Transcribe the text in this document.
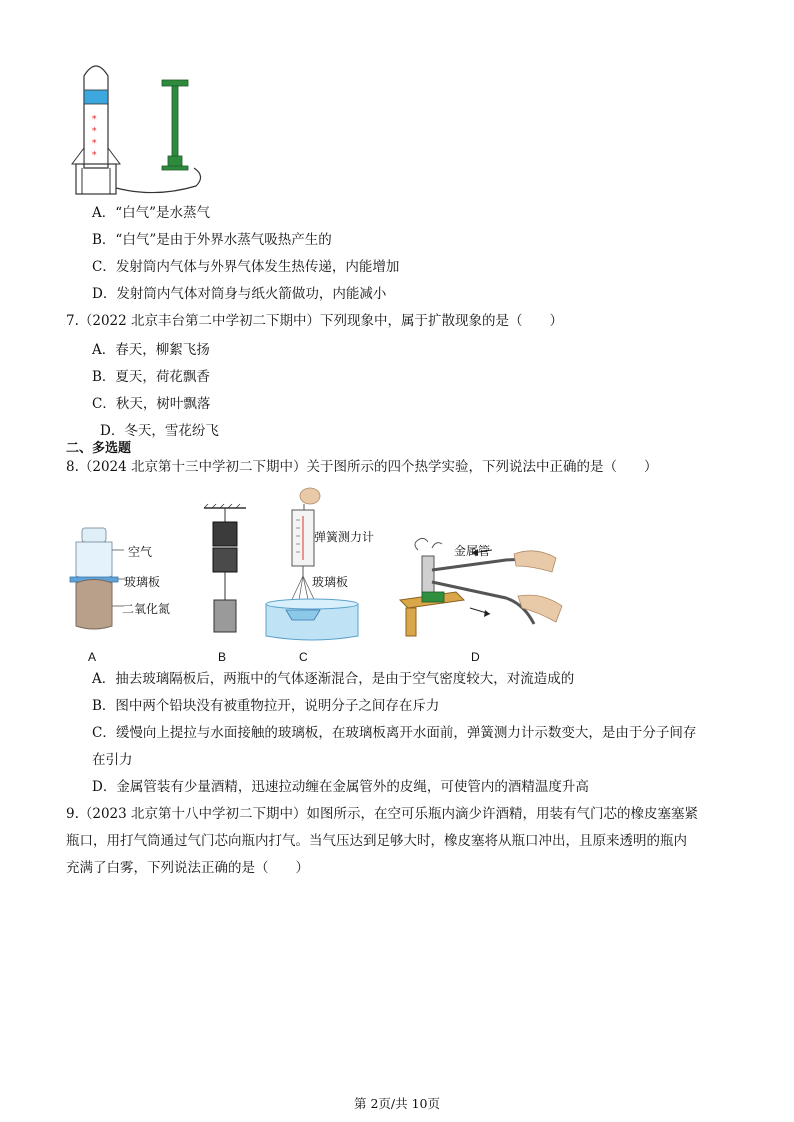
*
*
*
*
A．“白气”是水蒸气
B．“白气”是由于外界水蒸气吸热产生的
C．发射筒内气体与外界气体发生热传递，内能增加
D．发射筒内气体对筒身与纸火箭做功，内能减小
7.（2022 北京丰台第二中学初二下期中）下列现象中，属于扩散现象的是（　　）
A．春天，柳絮飞扬
B．夏天，荷花飘香
C．秋天，树叶飘落
D．冬天，雪花纷飞
二、多选题
8.（2024 北京第十三中学初二下期中）关于图所示的四个热学实验，下列说法中正确的是（　　）
空气
玻璃板
二氧化氮
A	B
弹簧测力计
玻璃板
C
金属管
D
A．抽去玻璃隔板后，两瓶中的气体逐渐混合，是由于空气密度较大，对流造成的
B．图中两个铅块没有被重物拉开，说明分子之间存在斥力
C．缓慢向上提拉与水面接触的玻璃板，在玻璃板离开水面前，弹簧测力计示数变大，是由于分子间存
在引力
D．金属管装有少量酒精，迅速拉动缠在金属管外的皮绳，可使管内的酒精温度升高
9.（2023 北京第十八中学初二下期中）如图所示，在空可乐瓶内滴少许酒精，用装有气门芯的橡皮塞塞紧
瓶口，用打气筒通过气门芯向瓶内打气。当气压达到足够大时，橡皮塞将从瓶口冲出，且原来透明的瓶内
充满了白雾，下列说法正确的是（　　）
第 2页/共 10页
